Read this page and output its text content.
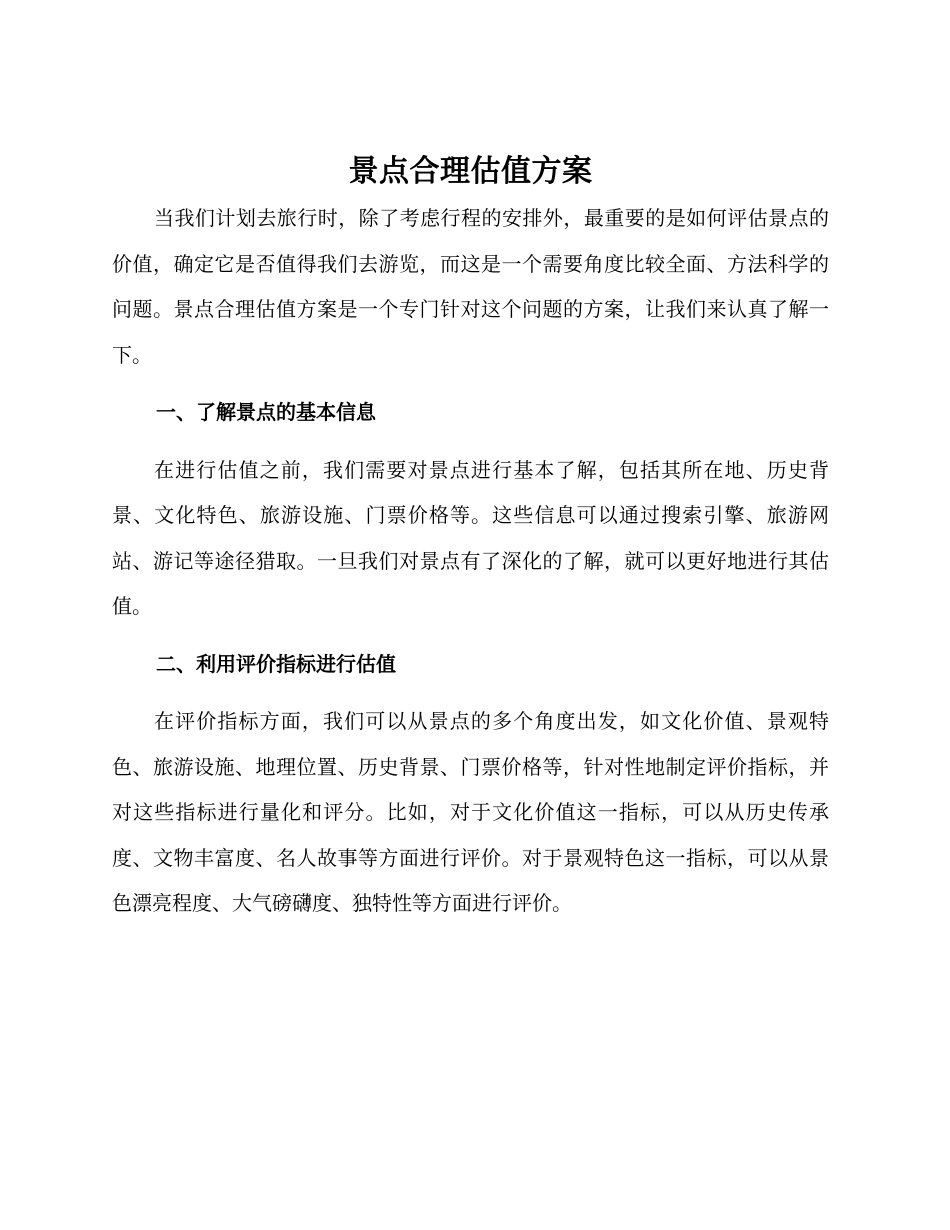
景点合理估值方案

当我们计划去旅行时，除了考虑行程的安排外，最重要的是如何评估景点的价值，确定它是否值得我们去游览，而这是一个需要角度比较全面、方法科学的问题。景点合理估值方案是一个专门针对这个问题的方案，让我们来认真了解一下。

一、了解景点的基本信息

在进行估值之前，我们需要对景点进行基本了解，包括其所在地、历史背景、文化特色、旅游设施、门票价格等。这些信息可以通过搜索引擎、旅游网站、游记等途径猎取。一旦我们对景点有了深化的了解，就可以更好地进行其估值。

二、利用评价指标进行估值

在评价指标方面，我们可以从景点的多个角度出发，如文化价值、景观特色、旅游设施、地理位置、历史背景、门票价格等，针对性地制定评价指标，并对这些指标进行量化和评分。比如，对于文化价值这一指标，可以从历史传承度、文物丰富度、名人故事等方面进行评价。对于景观特色这一指标，可以从景色漂亮程度、大气磅礴度、独特性等方面进行评价。
